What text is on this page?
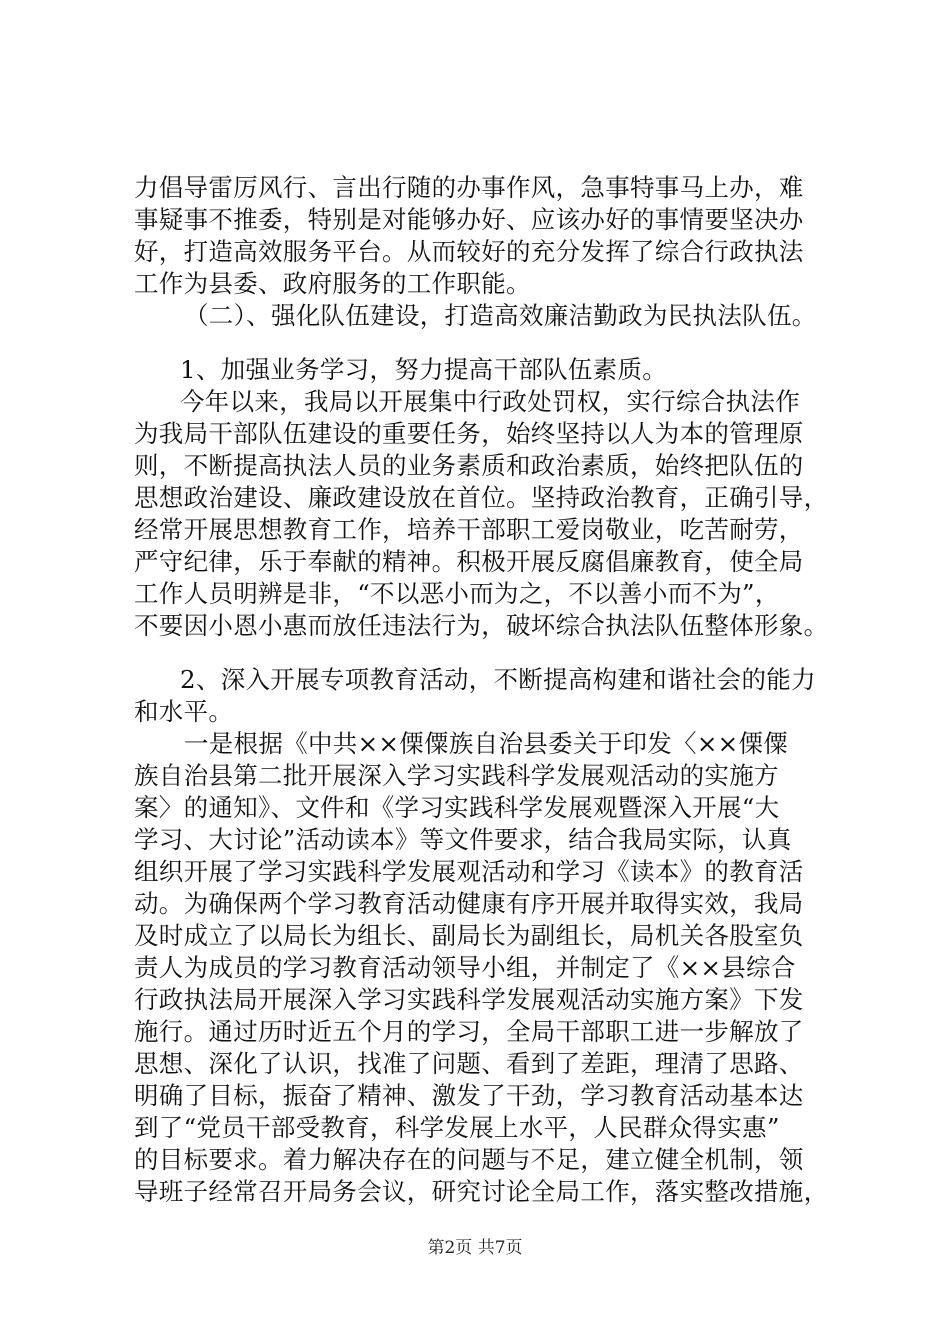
力倡导雷厉风行、言出行随的办事作风，急事特事马上办，难
事疑事不推委，特别是对能够办好、应该办好的事情要坚决办
好，打造高效服务平台。从而较好的充分发挥了综合行政执法
工作为县委、政府服务的工作职能。
（二）、强化队伍建设，打造高效廉洁勤政为民执法队伍。
1、加强业务学习，努力提高干部队伍素质。
今年以来，我局以开展集中行政处罚权，实行综合执法作
为我局干部队伍建设的重要任务，始终坚持以人为本的管理原
则，不断提高执法人员的业务素质和政治素质，始终把队伍的
思想政治建设、廉政建设放在首位。坚持政治教育，正确引导，
经常开展思想教育工作，培养干部职工爱岗敬业，吃苦耐劳，
严守纪律，乐于奉献的精神。积极开展反腐倡廉教育，使全局
工作人员明辨是非，“不以恶小而为之，不以善小而不为”，
不要因小恩小惠而放任违法行为，破坏综合执法队伍整体形象。
2、深入开展专项教育活动，不断提高构建和谐社会的能力
和水平。
一是根据《中共××傈僳族自治县委关于印发〈××傈僳
族自治县第二批开展深入学习实践科学发展观活动的实施方
案〉的通知》、文件和《学习实践科学发展观暨深入开展“大
学习、大讨论”活动读本》等文件要求，结合我局实际，认真
组织开展了学习实践科学发展观活动和学习《读本》的教育活
动。为确保两个学习教育活动健康有序开展并取得实效，我局
及时成立了以局长为组长、副局长为副组长，局机关各股室负
责人为成员的学习教育活动领导小组，并制定了《××县综合
行政执法局开展深入学习实践科学发展观活动实施方案》下发
施行。通过历时近五个月的学习，全局干部职工进一步解放了
思想、深化了认识，找准了问题、看到了差距，理清了思路、
明确了目标，振奋了精神、激发了干劲，学习教育活动基本达
到了“党员干部受教育，科学发展上水平，人民群众得实惠”
的目标要求。着力解决存在的问题与不足，建立健全机制，领
导班子经常召开局务会议，研究讨论全局工作，落实整改措施，
第2页 共7页
